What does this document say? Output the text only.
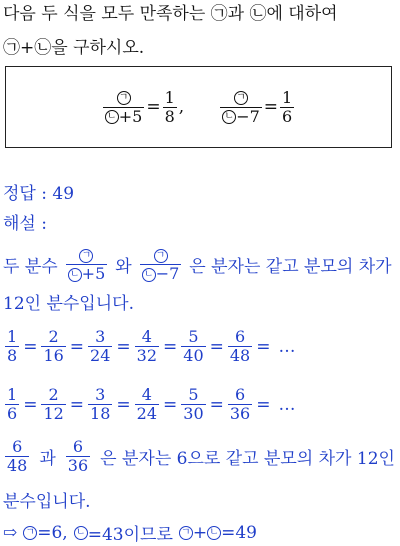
다음 두 식을 모두 만족하는 ㉠과 ㉡에 대하여
㉠+㉡을 구하시오.
$\frac{\text{ㄱ}}{\text{ㄴ +5}} = \frac{1}{8}$ ,	$\frac{\text{ㄱ}}{\text{ㄴ −7}} = \frac{1}{6}$
정답 : 49
해설 :
두 분수 $\frac{\text{ㄱ}}{\text{ㄴ +5}}$ 와 $\frac{\text{ㄱ}}{\text{ㄴ −7}}$ 은 분자는 같고 분모의 차가
12인 분수입니다.
$\frac{1}{8} = \frac{2}{16} = \frac{3}{24} = \frac{4}{32} = \frac{5}{40} = \frac{6}{48}$ = …
$\frac{1}{6} = \frac{2}{12} = \frac{3}{18} = \frac{4}{24} = \frac{5}{30} = \frac{6}{36}$ = …
$\frac{6}{48}$ 과 $\frac{6}{36}$ 은 분자는 6으로 같고 분모의 차가 12인
분수입니다.
⇨ ㄱ =6, ㄴ =43이므로 ㄱ + ㄴ =49
